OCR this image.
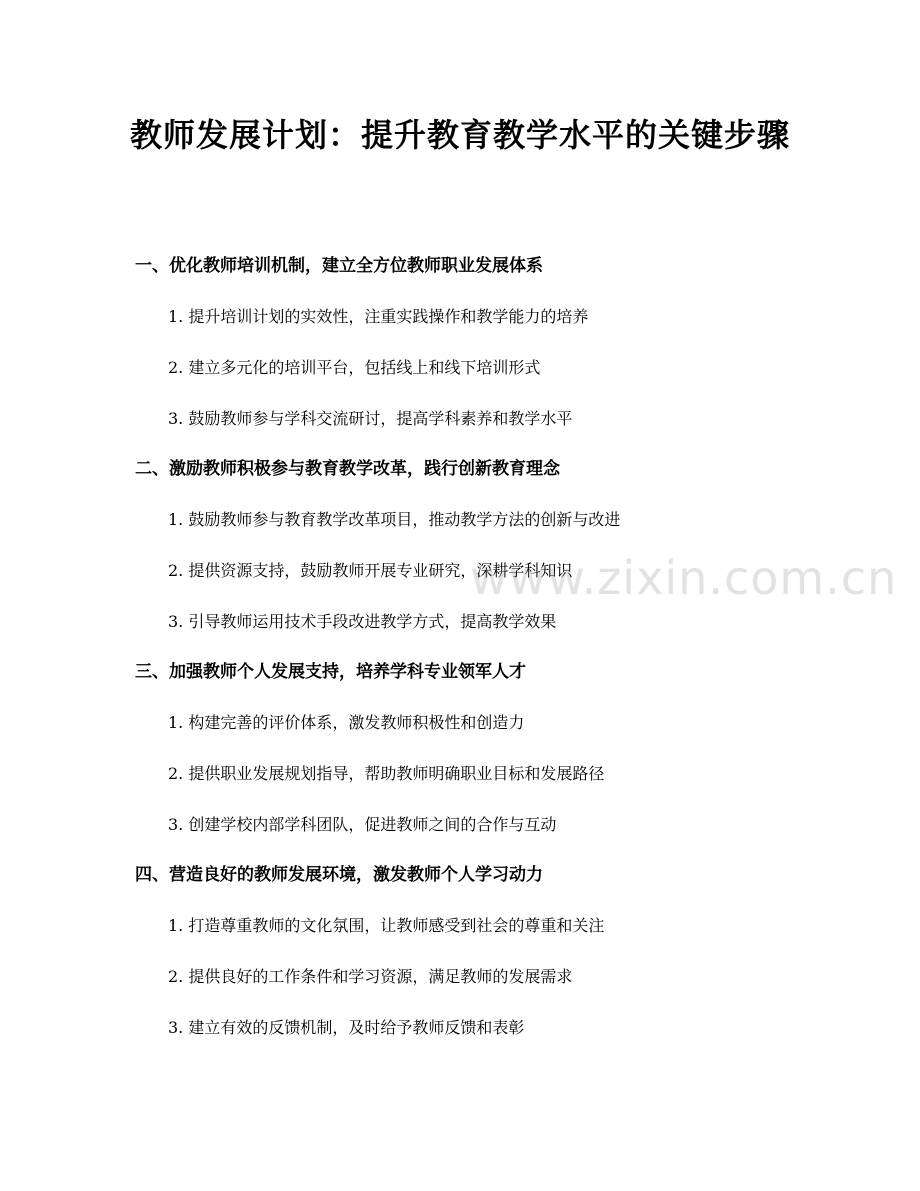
教师发展计划：提升教育教学水平的关键步骤
一、优化教师培训机制，建立全方位教师职业发展体系
1. 提升培训计划的实效性，注重实践操作和教学能力的培养
2. 建立多元化的培训平台，包括线上和线下培训形式
3. 鼓励教师参与学科交流研讨，提高学科素养和教学水平
二、激励教师积极参与教育教学改革，践行创新教育理念
1. 鼓励教师参与教育教学改革项目，推动教学方法的创新与改进
2. 提供资源支持，鼓励教师开展专业研究，深耕学科知识
3. 引导教师运用技术手段改进教学方式，提高教学效果
三、加强教师个人发展支持，培养学科专业领军人才
1. 构建完善的评价体系，激发教师积极性和创造力
2. 提供职业发展规划指导，帮助教师明确职业目标和发展路径
3. 创建学校内部学科团队，促进教师之间的合作与互动
四、营造良好的教师发展环境，激发教师个人学习动力
1. 打造尊重教师的文化氛围，让教师感受到社会的尊重和关注
2. 提供良好的工作条件和学习资源，满足教师的发展需求
3. 建立有效的反馈机制，及时给予教师反馈和表彰
www.zixin.com.cn
